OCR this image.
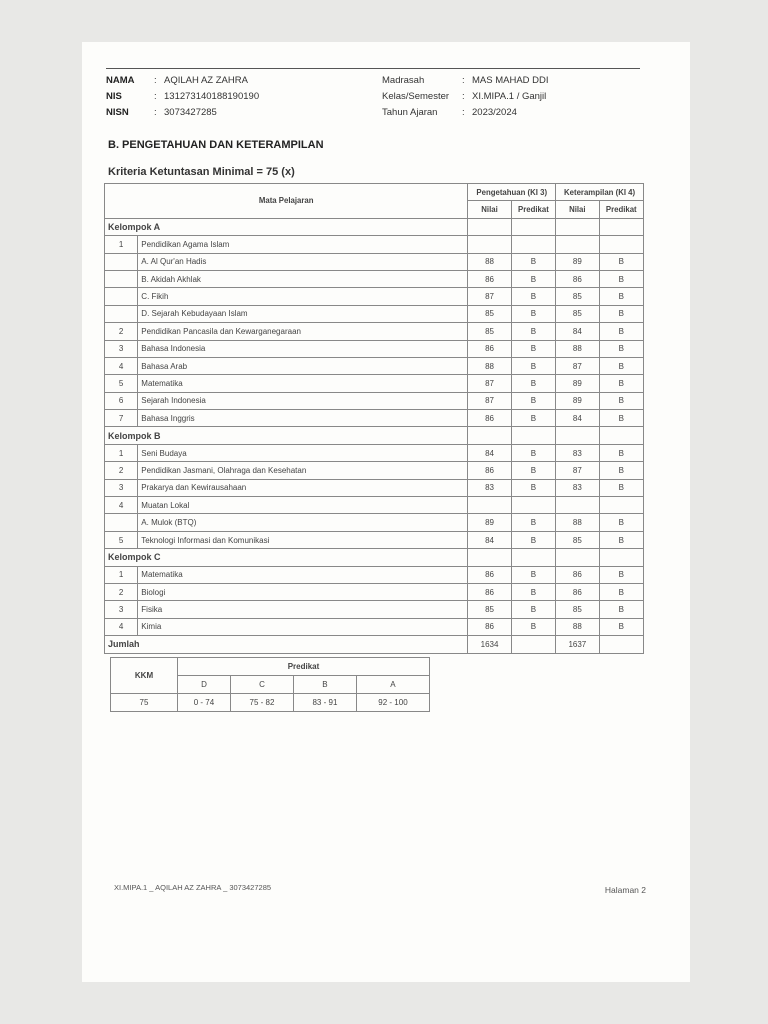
NAMA	: AQILAH AZ ZAHRA	Madrasah	: MAS MAHAD DDI
NIS	: 131273140188190190	Kelas/Semester	: XI.MIPA.1 / Ganjil
NISN	: 3073427285	Tahun Ajaran	: 2023/2024
B. PENGETAHUAN DAN KETERAMPILAN
Kriteria Ketuntasan Minimal = 75 (x)
Mata Pelajaran		Pengetahuan (KI 3)		Keterampilan (KI 4)	
		Nilai	Predikat	Nilai	Predikat
Kelompok A					
1	Pendidikan Agama Islam				
	A. Al Qur'an Hadis	88	B	89	B
	B. Akidah Akhlak	86	B	86	B
	C. Fikih	87	B	85	B
	D. Sejarah Kebudayaan Islam	85	B	85	B
2	Pendidikan Pancasila dan Kewarganegaraan	85	B	84	B
3	Bahasa Indonesia	86	B	88	B
4	Bahasa Arab	88	B	87	B
5	Matematika	87	B	89	B
6	Sejarah Indonesia	87	B	89	B
7	Bahasa Inggris	86	B	84	B
Kelompok B					
1	Seni Budaya	84	B	83	B
2	Pendidikan Jasmani, Olahraga dan Kesehatan	86	B	87	B
3	Prakarya dan Kewirausahaan	83	B	83	B
4	Muatan Lokal				
	A. Mulok (BTQ)	89	B	88	B
5	Teknologi Informasi dan Komunikasi	84	B	85	B
Kelompok C					
1	Matematika	86	B	86	B
2	Biologi	86	B	86	B
3	Fisika	85	B	85	B
4	Kimia	86	B	88	B
Jumlah		1634		1637	
KKM	Predikat			
	D	C	B	A
75	0 - 74	75 - 82	83 - 91	92 - 100
XI.MIPA.1 _ AQILAH AZ ZAHRA _ 3073427285	Halaman 2
